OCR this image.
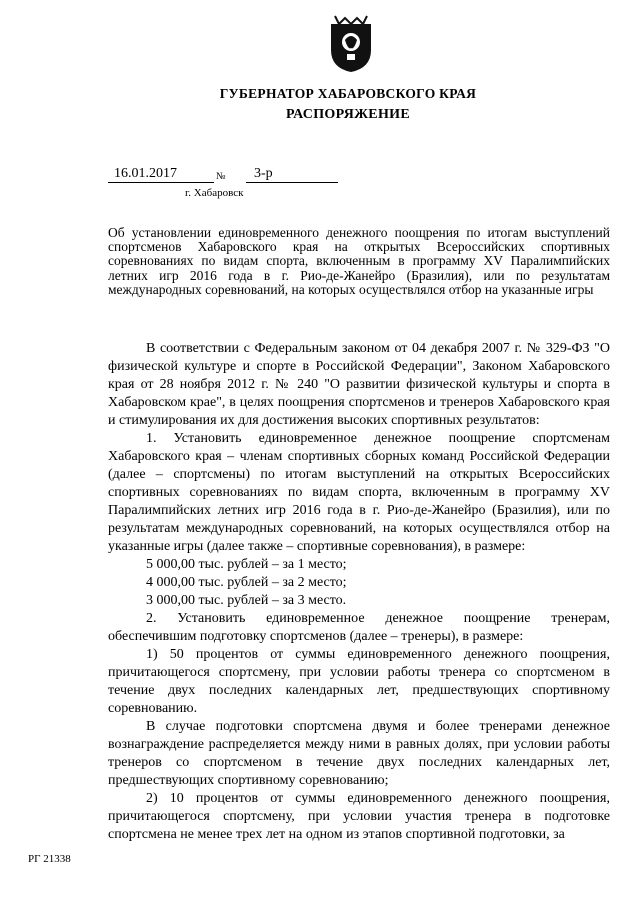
ГУБЕРНАТОР ХАБАРОВСКОГО КРАЯ
РАСПОРЯЖЕНИЕ
16.01.2017	№	3-р
г. Хабаровск
Об установлении единовременного денежного поощрения по итогам выступлений спортсменов Хабаровского края на открытых Всероссийских спортивных соревнованиях по видам спорта, включенным в программу XV Паралимпийских летних игр 2016 года в г. Рио-де-Жанейро (Бразилия), или по результатам международных соревнований, на которых осуществлялся отбор на указанные игры

В соответствии с Федеральным законом от 04 декабря 2007 г. № 329-ФЗ "О физической культуре и спорте в Российской Федерации", Законом Хабаровского края от 28 ноября 2012 г. № 240 "О развитии физической культуры и спорта в Хабаровском крае", в целях поощрения спортсменов и тренеров Хабаровского края и стимулирования их для достижения высоких спортивных результатов:

1. Установить единовременное денежное поощрение спортсменам Хабаровского края – членам спортивных сборных команд Российской Федерации (далее – спортсмены) по итогам выступлений на открытых Всероссийских спортивных соревнованиях по видам спорта, включенным в программу XV Паралимпийских летних игр 2016 года в г. Рио-де-Жанейро (Бразилия), или по результатам международных соревнований, на которых осуществлялся отбор на указанные игры (далее также – спортивные соревнования), в размере:

5 000,00 тыс. рублей – за 1 место;

4 000,00 тыс. рублей – за 2 место;

3 000,00 тыс. рублей – за 3 место.

2. Установить единовременное денежное поощрение тренерам, обеспечившим подготовку спортсменов (далее – тренеры), в размере:

1) 50 процентов от суммы единовременного денежного поощрения, причитающегося спортсмену, при условии работы тренера со спортсменом в течение двух последних календарных лет, предшествующих спортивному соревнованию.

В случае подготовки спортсмена двумя и более тренерами денежное вознаграждение распределяется между ними в равных долях, при условии работы тренеров со спортсменом в течение двух последних календарных лет, предшествующих спортивному соревнованию;

2) 10 процентов от суммы единовременного денежного поощрения, причитающегося спортсмену, при условии участия тренера в подготовке спортсмена не менее трех лет на одном из этапов спортивной подготовки, за

РГ 21338
